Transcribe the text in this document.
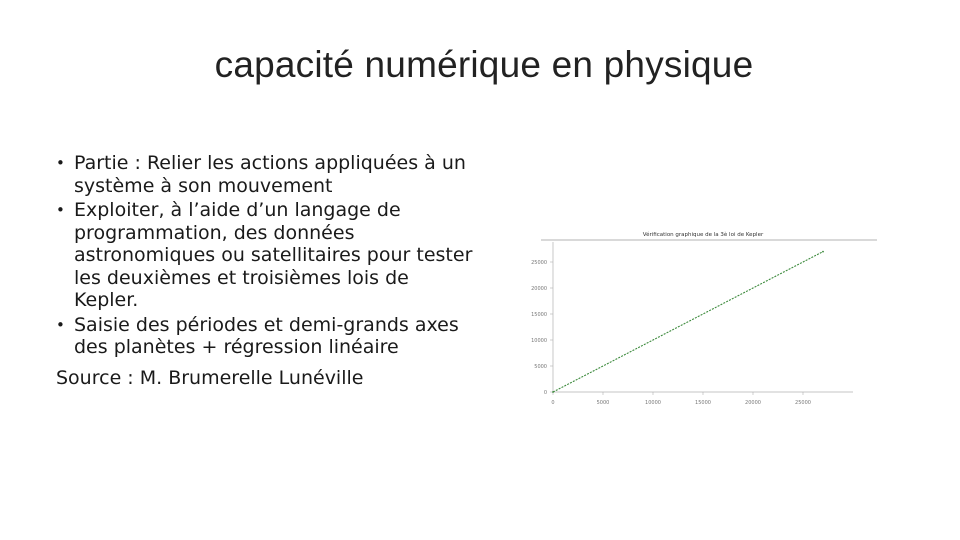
capacité numérique en physique

• Partie : Relier les actions appliquées à un système à son mouvement

• Exploiter, à l’aide d’un langage de programmation, des données astronomiques ou satellitaires pour tester les deuxièmes et troisièmes lois de Kepler.

• Saisie des périodes et demi-grands axes des planètes + régression linéaire

Source : M. Brumerelle Lunéville

Vérification graphique de la 3è loi de Kepler
0	5000	10000	15000	20000	25000
0
5000
10000
15000
20000
25000
